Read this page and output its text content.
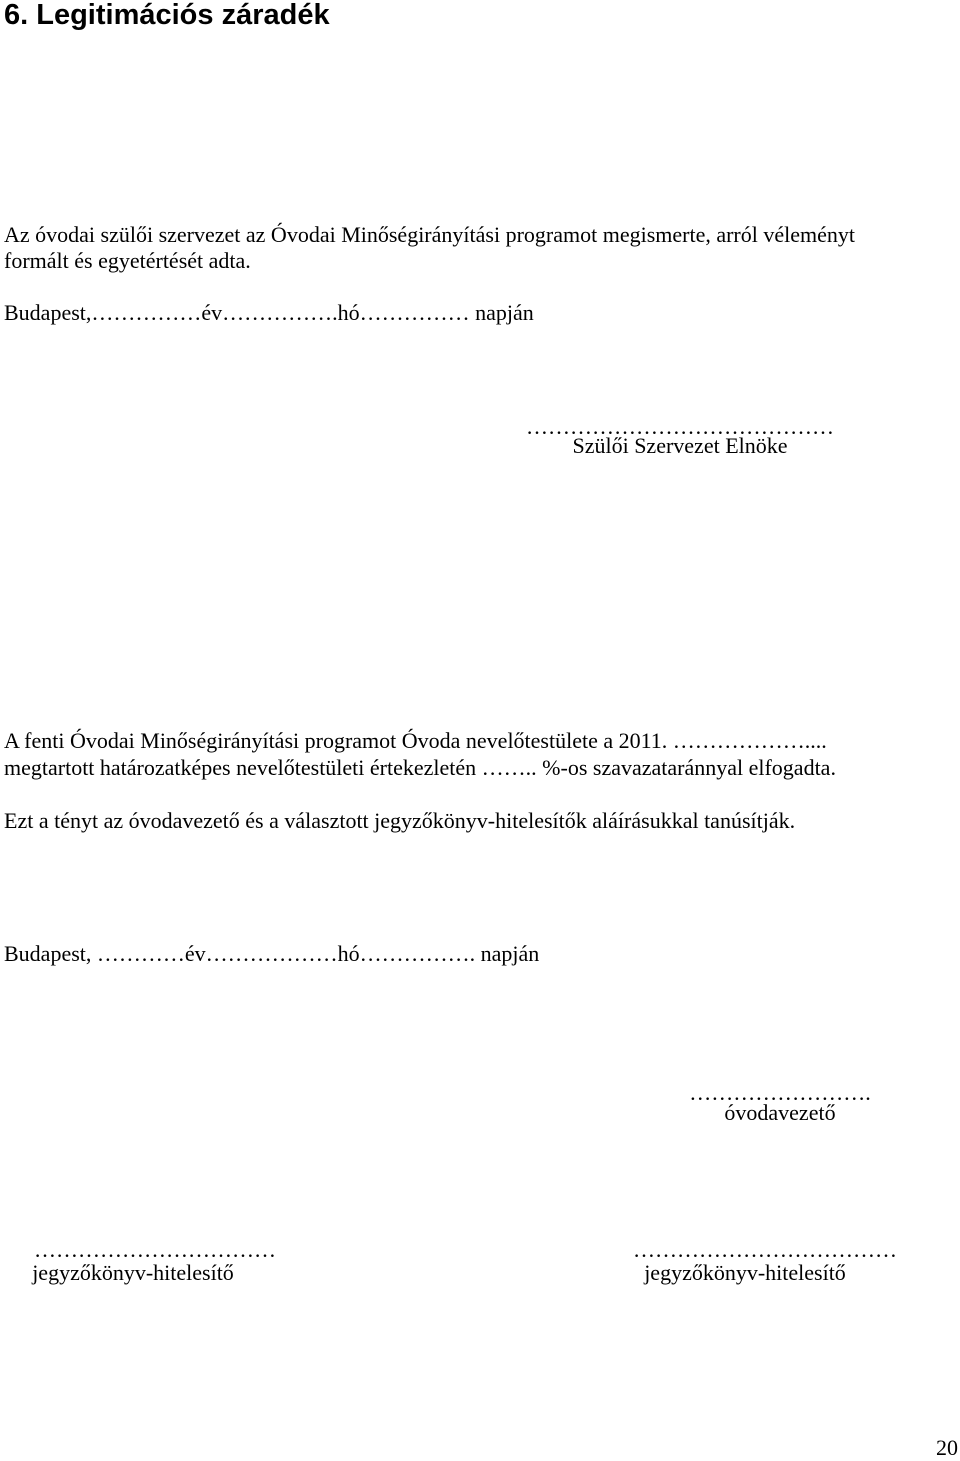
6. Legitimációs záradék
Az óvodai szülői szervezet az Óvodai Minőségirányítási programot megismerte, arról véleményt
formált és egyetértését adta.
Budapest,……………év…………….hó…………… napján
……………………………………
Szülői Szervezet Elnöke
A fenti Óvodai Minőségirányítási programot Óvoda nevelőtestülete a 2011. ………………....
megtartott határozatképes nevelőtestületi értekezletén …….. %-os szavazataránnyal elfogadta.
Ezt a tényt az óvodavezető és a választott jegyzőkönyv-hitelesítők aláírásukkal tanúsítják.
Budapest, …………év………………hó……………. napján
…………………….
óvodavezető
……………………………
jegyzőkönyv-hitelesítő
………………………………
jegyzőkönyv-hitelesítő
20
